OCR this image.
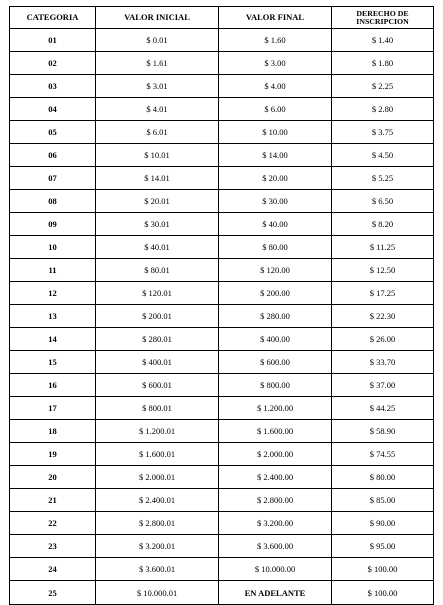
CATEGORIA	VALOR INICIAL	VALOR FINAL	DERECHO DE INSCRIPCION
01	$ 0.01	$ 1.60	$ 1.40
02	$ 1.61	$ 3.00	$ 1.80
03	$ 3.01	$ 4.00	$ 2.25
04	$ 4.01	$ 6.00	$ 2.80
05	$ 6.01	$ 10.00	$ 3.75
06	$ 10.01	$ 14.00	$ 4.50
07	$ 14.01	$ 20.00	$ 5.25
08	$ 20.01	$ 30.00	$ 6.50
09	$ 30.01	$ 40.00	$ 8.20
10	$ 40.01	$ 80.00	$ 11.25
11	$ 80.01	$ 120.00	$ 12.50
12	$ 120.01	$ 200.00	$ 17.25
13	$ 200.01	$ 280.00	$ 22.30
14	$ 280.01	$ 400.00	$ 26.00
15	$ 400.01	$ 600.00	$ 33.70
16	$ 600.01	$ 800.00	$ 37.00
17	$ 800.01	$ 1.200.00	$ 44.25
18	$ 1.200.01	$ 1.600.00	$ 58.90
19	$ 1.600.01	$ 2.000.00	$ 74.55
20	$ 2.000.01	$ 2.400.00	$ 80.00
21	$ 2.400.01	$ 2.800.00	$ 85.00
22	$ 2.800.01	$ 3.200.00	$ 90.00
23	$ 3.200.01	$ 3.600.00	$ 95.00
24	$ 3.600.01	$ 10.000.00	$ 100.00
25	$ 10.000.01	EN ADELANTE	$ 100.00
